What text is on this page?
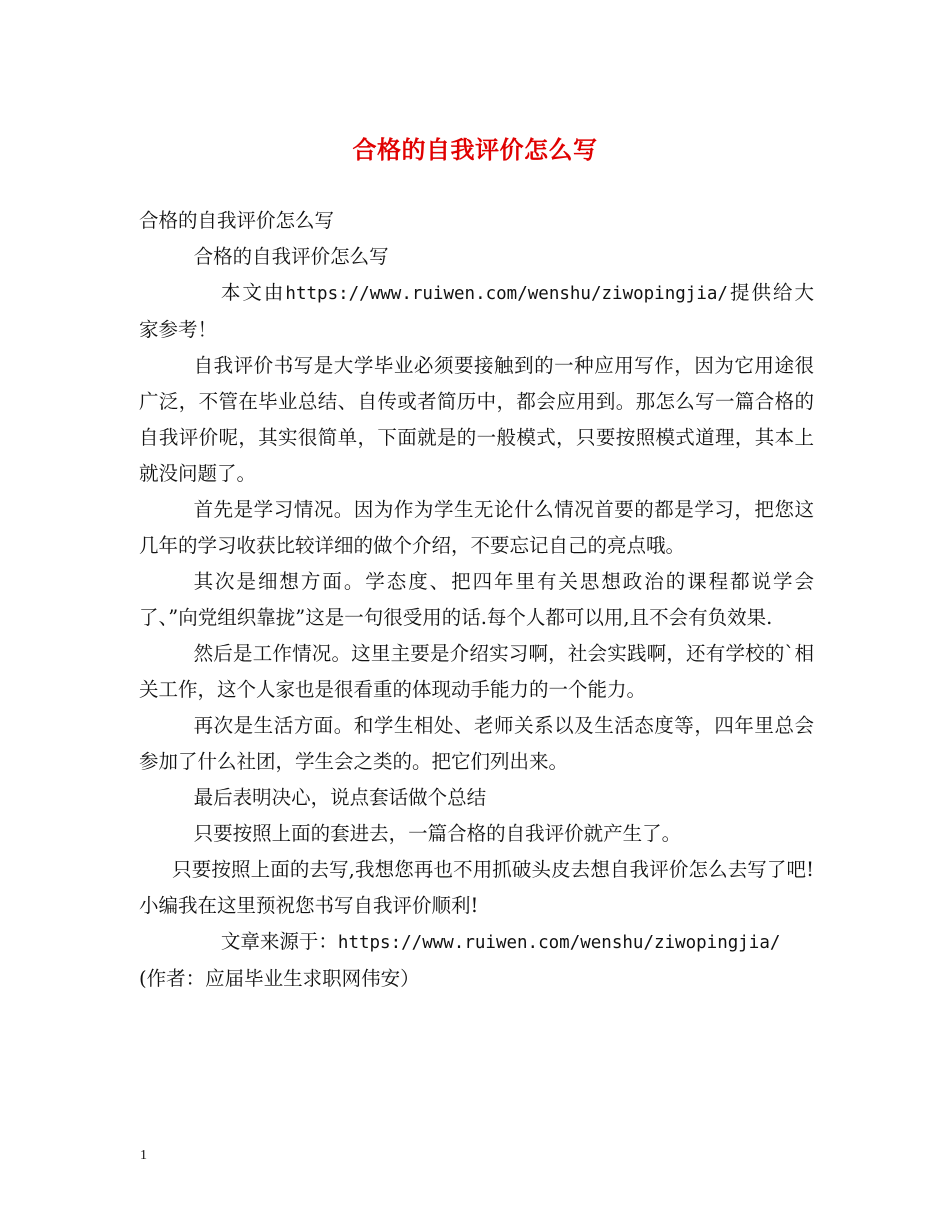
合格的自我评价怎么写

合格的自我评价怎么写

合格的自我评价怎么写

本文由https://www.ruiwen.com/wenshu/ziwopingjia/提供给大家参考！

自我评价书写是大学毕业必须要接触到的一种应用写作，因为它用途很广泛，不管在毕业总结、自传或者简历中，都会应用到。那怎么写一篇合格的自我评价呢，其实很简单，下面就是的一般模式，只要按照模式道理，其本上就没问题了。

首先是学习情况。因为作为学生无论什么情况首要的都是学习，把您这几年的学习收获比较详细的做个介绍，不要忘记自己的亮点哦。

其次是细想方面。学态度、把四年里有关思想政治的课程都说学会了、”向党组织靠拢”这是一句很受用的话.每个人都可以用,且不会有负效果.

然后是工作情况。这里主要是介绍实习啊，社会实践啊，还有学校的`相关工作，这个人家也是很看重的体现动手能力的一个能力。

再次是生活方面。和学生相处、老师关系以及生活态度等，四年里总会参加了什么社团，学生会之类的。把它们列出来。

最后表明决心，说点套话做个总结

只要按照上面的套进去，一篇合格的自我评价就产生了。

只要按照上面的去写,我想您再也不用抓破头皮去想自我评价怎么去写了吧!小编我在这里预祝您书写自我评价顺利!

文章来源于：https://www.ruiwen.com/wenshu/ziwopingjia/

(作者：应届毕业生求职网伟安）

1
